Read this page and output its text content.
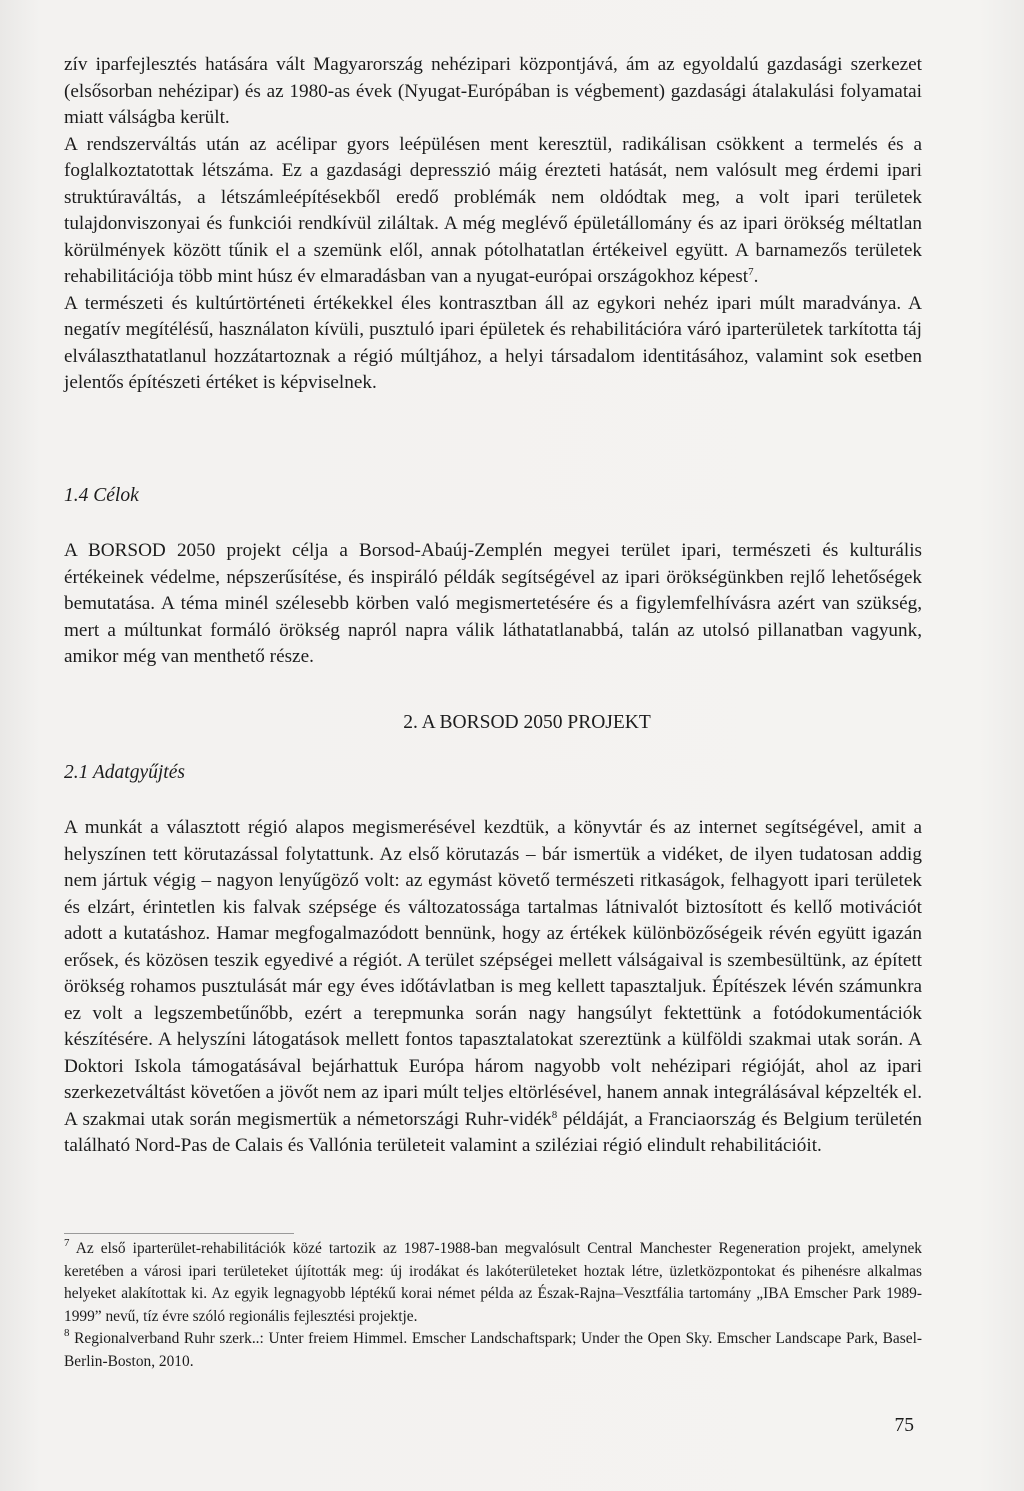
zív iparfejlesztés hatására vált Magyarország nehézipari központjává, ám az egyoldalú gazdasági szerkezet (elsősorban nehézipar) és az 1980-as évek (Nyugat-Európában is végbement) gazdasági átalakulási folyamatai miatt válságba került.

A rendszerváltás után az acélipar gyors leépülésen ment keresztül, radikálisan csökkent a termelés és a foglalkoztatottak létszáma. Ez a gazdasági depresszió máig érezteti hatását, nem valósult meg érdemi ipari struktúraváltás, a létszámleépítésekből eredő problémák nem oldódtak meg, a volt ipari területek tulajdonviszonyai és funkciói rendkívül ziláltak. A még meglévő épületállomány és az ipari örökség méltatlan körülmények között tűnik el a szemünk elől, annak pótolhatatlan értékeivel együtt. A barnamezős területek rehabilitációja több mint húsz év elmaradásban van a nyugat-európai országokhoz képest$^7$.

A természeti és kultúrtörténeti értékekkel éles kontrasztban áll az egykori nehéz ipari múlt maradványa. A negatív megítélésű, használaton kívüli, pusztuló ipari épületek és rehabilitációra váró iparterületek tarkította táj elválaszthatatlanul hozzátartoznak a régió múltjához, a helyi társadalom identitásához, valamint sok esetben jelentős építészeti értéket is képviselnek.

1.4 Célok

A BORSOD 2050 projekt célja a Borsod-Abaúj-Zemplén megyei terület ipari, természeti és kulturális értékeinek védelme, népszerűsítése, és inspiráló példák segítségével az ipari örökségünkben rejlő lehetőségek bemutatása. A téma minél szélesebb körben való megismertetésére és a figylemfelhívásra azért van szükség, mert a múltunkat formáló örökség napról napra válik láthatatlanabbá, talán az utolsó pillanatban vagyunk, amikor még van menthető része.

2. A BORSOD 2050 PROJEKT
2.1 Adatgyűjtés

A munkát a választott régió alapos megismerésével kezdtük, a könyvtár és az internet segítségével, amit a helyszínen tett körutazással folytattunk. Az első körutazás – bár ismertük a vidéket, de ilyen tudatosan addig nem jártuk végig – nagyon lenyűgöző volt: az egymást követő természeti ritkaságok, felhagyott ipari területek és elzárt, érintetlen kis falvak szépsége és változatossága tartalmas látnivalót biztosított és kellő motivációt adott a kutatáshoz. Hamar megfogalmazódott bennünk, hogy az értékek különbözőségeik révén együtt igazán erősek, és közösen teszik egyedivé a régiót. A terület szépségei mellett válságaival is szembesültünk, az épített örökség rohamos pusztulását már egy éves időtávlatban is meg kellett tapasztaljuk. Építészek lévén számunkra ez volt a legszembetűnőbb, ezért a terepmunka során nagy hangsúlyt fektettünk a fotódokumentációk készítésére. A helyszíni látogatások mellett fontos tapasztalatokat szereztünk a külföldi szakmai utak során. A Doktori Iskola támogatásával bejárhattuk Európa három nagyobb volt nehézipari régióját, ahol az ipari szerkezetváltást követően a jövőt nem az ipari múlt teljes eltörlésével, hanem annak integrálásával képzelték el. A szakmai utak során megismertük a németországi Ruhr-vidék$^8$ példáját, a Franciaország és Belgium területén található Nord-Pas de Calais és Vallónia területeit valamint a sziléziai régió elindult rehabilitációit.

$^7$ Az első iparterület-rehabilitációk közé tartozik az 1987-1988-ban megvalósult Central Manchester Regeneration projekt, amelynek keretében a városi ipari területeket újították meg: új irodákat és lakóterületeket hoztak létre, üzletközpontokat és pihenésre alkalmas helyeket alakítottak ki. Az egyik legnagyobb léptékű korai német példa az Észak-Rajna–Vesztfália tartomány „IBA Emscher Park 1989-1999” nevű, tíz évre szóló regionális fejlesztési projektje.

$^8$ Regionalverband Ruhr szerk..: Unter freiem Himmel. Emscher Landschaftspark; Under the Open Sky. Emscher Landscape Park, Basel-Berlin-Boston, 2010.

75
